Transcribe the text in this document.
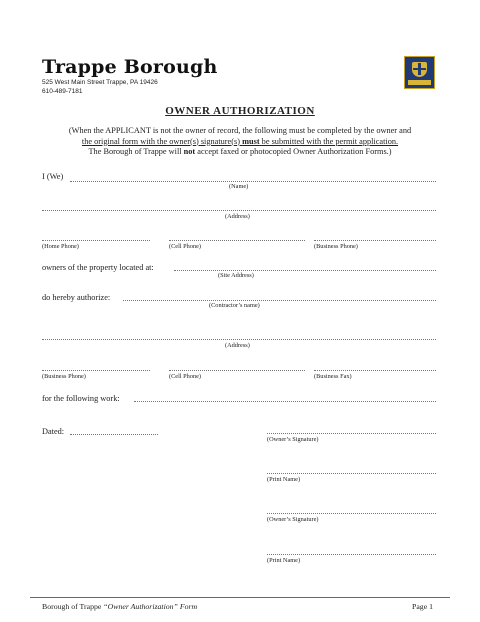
Trappe Borough
525 West Main Street Trappe, PA 19426
610-489-7181
OWNER AUTHORIZATION
(When the APPLICANT is not the owner of record, the following must be completed by the owner and
the original form with the owner(s) signature(s) must be submitted with the permit application.
The Borough of Trappe will not accept faxed or photocopied Owner Authorization Forms.)
I (We)
(Name)
(Address)
(Home Phone)	(Cell Phone)	(Business Phone)
owners of the property located at:
(Site Address)
do hereby authorize:
(Contractor’s name)
(Address)
(Business Phone)	(Cell Phone)	(Business Fax)
for the following work:
Dated:
(Owner’s Signature)
(Print Name)
(Owner’s Signature)
(Print Name)
Borough of Trappe “Owner Authorization” Form	Page 1
